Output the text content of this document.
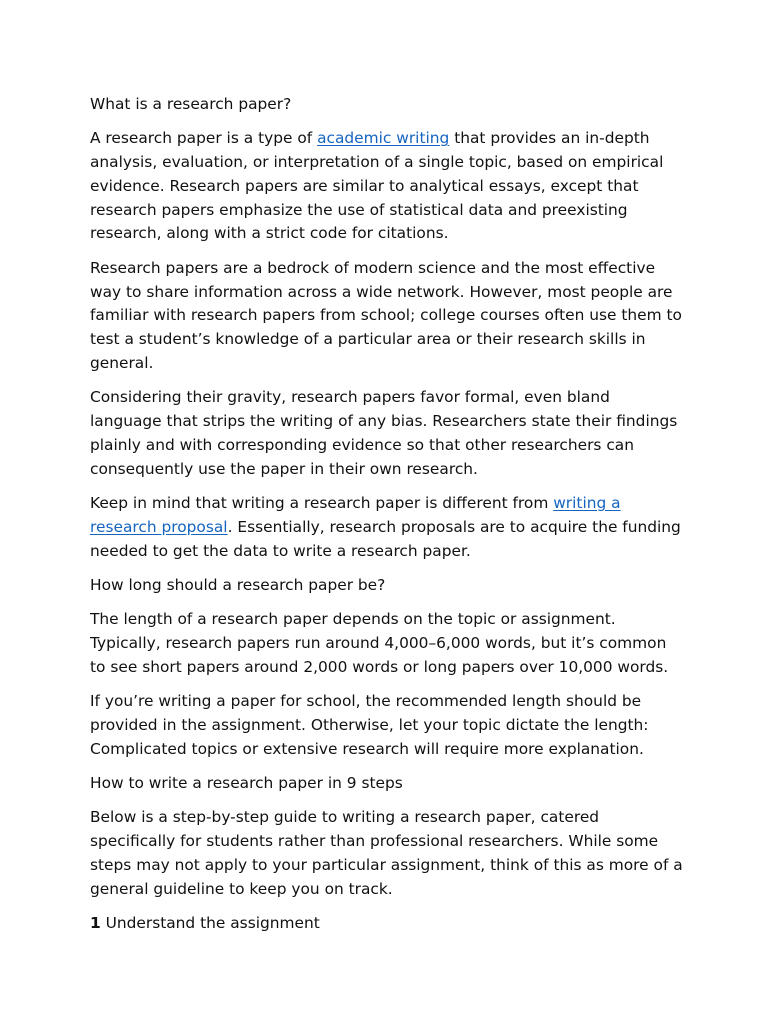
What is a research paper?

A research paper is a type of academic writing that provides an in-depth analysis, evaluation, or interpretation of a single topic, based on empirical evidence. Research papers are similar to analytical essays, except that research papers emphasize the use of statistical data and preexisting research, along with a strict code for citations.

Research papers are a bedrock of modern science and the most effective way to share information across a wide network. However, most people are familiar with research papers from school; college courses often use them to test a student’s knowledge of a particular area or their research skills in general.

Considering their gravity, research papers favor formal, even bland language that strips the writing of any bias. Researchers state their findings plainly and with corresponding evidence so that other researchers can consequently use the paper in their own research.

Keep in mind that writing a research paper is different from writing a research proposal. Essentially, research proposals are to acquire the funding needed to get the data to write a research paper.

How long should a research paper be?

The length of a research paper depends on the topic or assignment. Typically, research papers run around 4,000–6,000 words, but it’s common to see short papers around 2,000 words or long papers over 10,000 words.

If you’re writing a paper for school, the recommended length should be provided in the assignment. Otherwise, let your topic dictate the length: Complicated topics or extensive research will require more explanation.

How to write a research paper in 9 steps

Below is a step-by-step guide to writing a research paper, catered specifically for students rather than professional researchers. While some steps may not apply to your particular assignment, think of this as more of a general guideline to keep you on track.

1 Understand the assignment
